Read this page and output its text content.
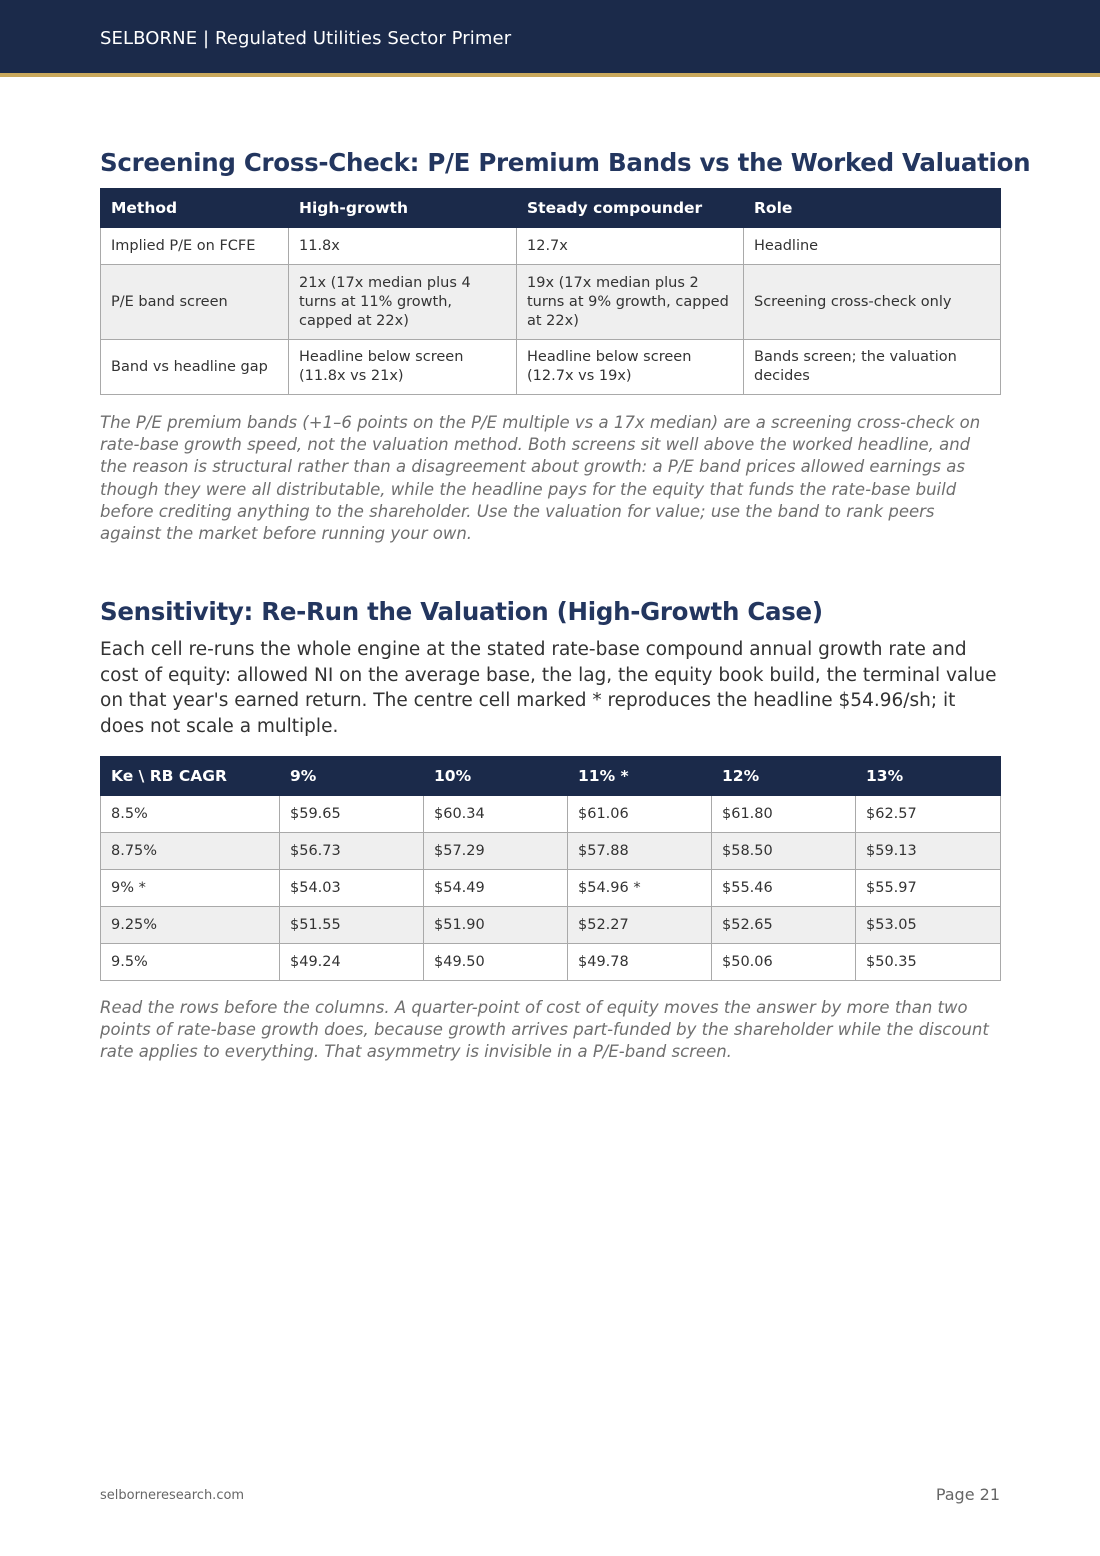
SELBORNE | Regulated Utilities Sector Primer
Screening Cross-Check: P/E Premium Bands vs the Worked Valuation
Method	High-growth	Steady compounder	Role
Implied P/E on FCFE	11.8x	12.7x	Headline
P/E band screen	21x (17x median plus 4 turns at 11% growth, capped at 22x)	19x (17x median plus 2 turns at 9% growth, capped at 22x)	Screening cross-check only
Band vs headline gap	Headline below screen (11.8x vs 21x)	Headline below screen (12.7x vs 19x)	Bands screen; the valuation decides

The P/E premium bands (+1–6 points on the P/E multiple vs a 17x median) are a screening cross-check on rate-base growth speed, not the valuation method. Both screens sit well above the worked headline, and the reason is structural rather than a disagreement about growth: a P/E band prices allowed earnings as though they were all distributable, while the headline pays for the equity that funds the rate-base build before crediting anything to the shareholder. Use the valuation for value; use the band to rank peers against the market before running your own.

Sensitivity: Re-Run the Valuation (High-Growth Case)

Each cell re-runs the whole engine at the stated rate-base compound annual growth rate and cost of equity: allowed NI on the average base, the lag, the equity book build, the terminal value on that year's earned return. The centre cell marked * reproduces the headline $54.96/sh; it does not scale a multiple.

Ke \ RB CAGR	9%	10%	11% *	12%	13%
8.5%	$59.65	$60.34	$61.06	$61.80	$62.57
8.75%	$56.73	$57.29	$57.88	$58.50	$59.13
9% *	$54.03	$54.49	$54.96 *	$55.46	$55.97
9.25%	$51.55	$51.90	$52.27	$52.65	$53.05
9.5%	$49.24	$49.50	$49.78	$50.06	$50.35

Read the rows before the columns. A quarter-point of cost of equity moves the answer by more than two points of rate-base growth does, because growth arrives part-funded by the shareholder while the discount rate applies to everything. That asymmetry is invisible in a P/E-band screen.

selborneresearch.com	Page 21
